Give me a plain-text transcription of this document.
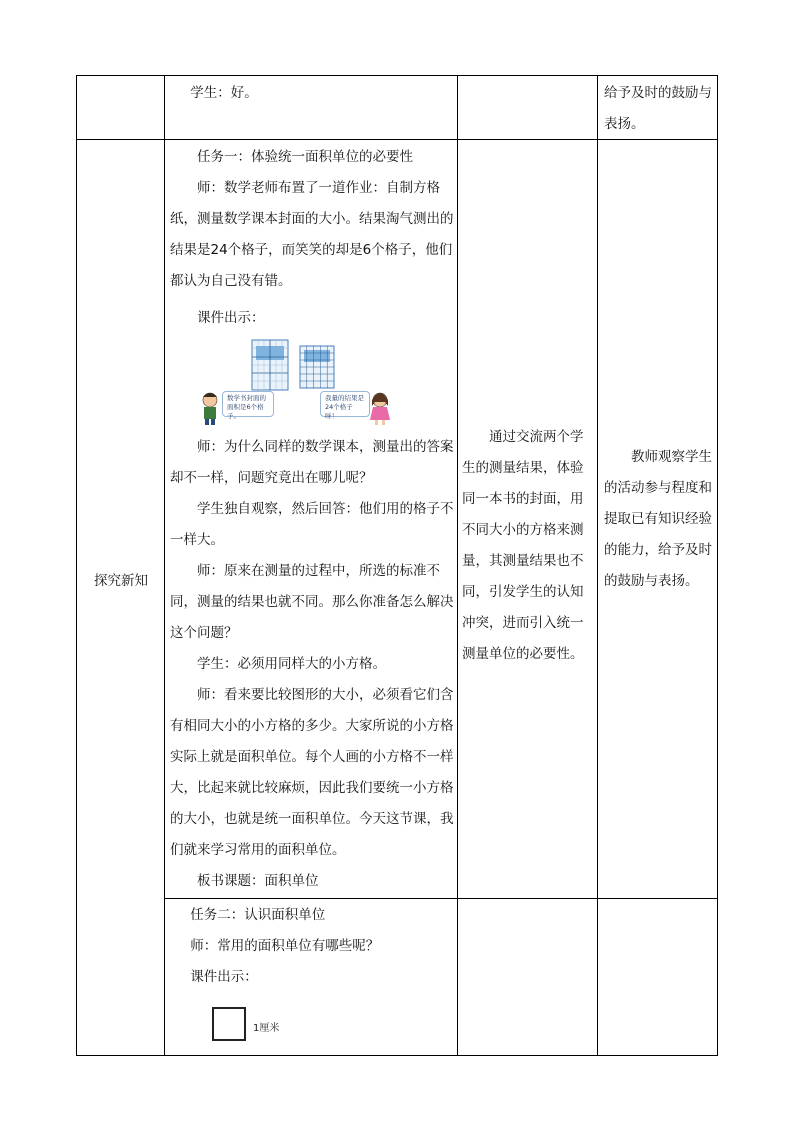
学生：好。	给予及时的鼓励与表扬。

探究新知

任务一：体验统一面积单位的必要性

师：数学老师布置了一道作业：自制方格纸，测量数学课本封面的大小。结果淘气测出的结果是24个格子，而笑笑的却是6个格子，他们都认为自己没有错。

课件出示：

数学书封面的面积是6个格子。
我量的结果是24个格子呀！

师：为什么同样的数学课本，测量出的答案却不一样，问题究竟出在哪儿呢？

学生独自观察，然后回答：他们用的格子不一样大。

师：原来在测量的过程中，所选的标准不同，测量的结果也就不同。那么你准备怎么解决这个问题？

学生：必须用同样大的小方格。

师：看来要比较图形的大小，必须看它们含有相同大小的小方格的多少。大家所说的小方格实际上就是面积单位。每个人画的小方格不一样大，比起来就比较麻烦，因此我们要统一小方格的大小，也就是统一面积单位。今天这节课，我们就来学习常用的面积单位。

板书课题：面积单位

通过交流两个学生的测量结果，体验同一本书的封面，用不同大小的方格来测量，其测量结果也不同，引发学生的认知冲突，进而引入统一测量单位的必要性。

教师观察学生的活动参与程度和提取已有知识经验的能力，给予及时的鼓励与表扬。

任务二：认识面积单位

师：常用的面积单位有哪些呢？

课件出示：

1厘米
